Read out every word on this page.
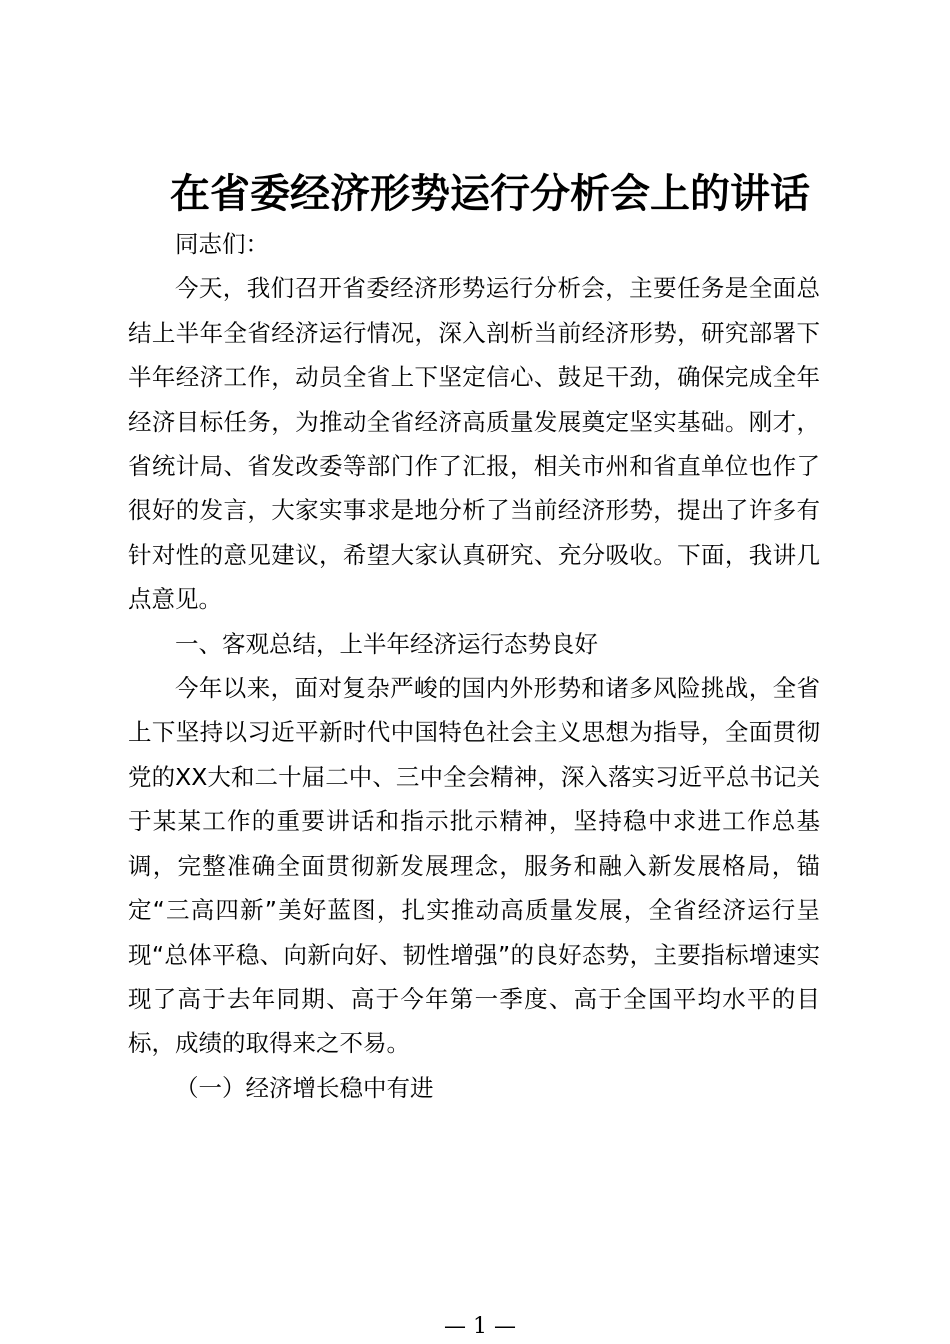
在省委经济形势运行分析会上的讲话

同志们：

今天，我们召开省委经济形势运行分析会，主要任务是全面总结上半年全省经济运行情况，深入剖析当前经济形势，研究部署下半年经济工作，动员全省上下坚定信心、鼓足干劲，确保完成全年经济目标任务，为推动全省经济高质量发展奠定坚实基础。刚才，省统计局、省发改委等部门作了汇报，相关市州和省直单位也作了很好的发言，大家实事求是地分析了当前经济形势，提出了许多有针对性的意见建议，希望大家认真研究、充分吸收。下面，我讲几点意见。

一、客观总结，上半年经济运行态势良好

今年以来，面对复杂严峻的国内外形势和诸多风险挑战，全省上下坚持以习近平新时代中国特色社会主义思想为指导，全面贯彻党的XX大和二十届二中、三中全会精神，深入落实习近平总书记关于某某工作的重要讲话和指示批示精神，坚持稳中求进工作总基调，完整准确全面贯彻新发展理念，服务和融入新发展格局，锚定“三高四新”美好蓝图，扎实推动高质量发展，全省经济运行呈现“总体平稳、向新向好、韧性增强”的良好态势，主要指标增速实现了高于去年同期、高于今年第一季度、高于全国平均水平的目标，成绩的取得来之不易。

（一）经济增长稳中有进

— 1 —
